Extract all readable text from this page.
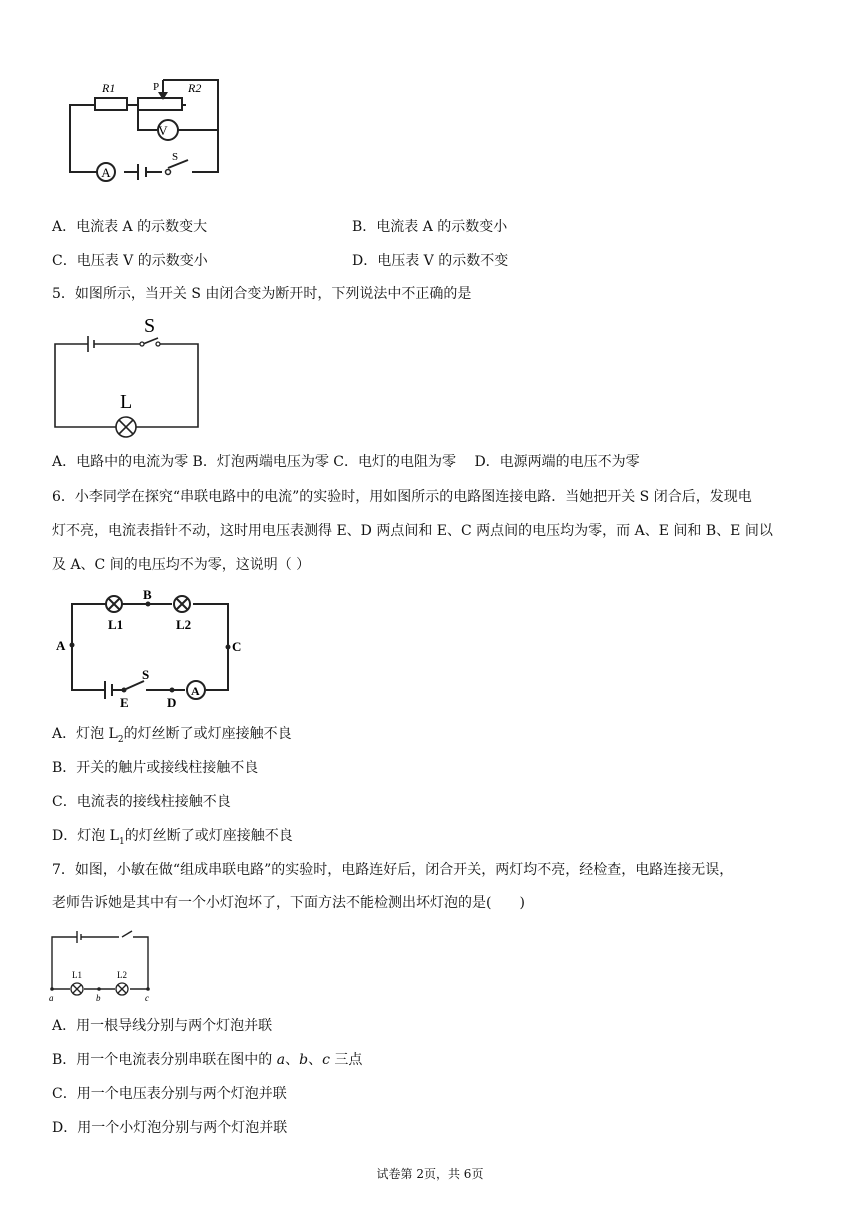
V
A
R1	R2
P
S
A．电流表 A 的示数变大	B．电流表 A 的示数变小
C．电压表 V 的示数变小	D．电压表 V 的示数不变
5．如图所示，当开关 S 由闭合变为断开时，下列说法中不正确的是
S
L
A．电路中的电流为零 B．灯泡两端电压为零 C．电灯的电阻为零　 D．电源两端的电压不为零
6．小李同学在探究“串联电路中的电流”的实验时，用如图所示的电路图连接电路．当她把开关 S 闭合后，发现电
灯不亮，电流表指针不动，这时用电压表测得 E、D 两点间和 E、C 两点间的电压均为零，而 A、E 间和 B、E 间以
及 A、C 间的电压均不为零，这说明（ ）
B
A	C
E	D
S
L1	L2
A
A．灯泡 $L_2$的灯丝断了或灯座接触不良
B．开关的触片或接线柱接触不良
C．电流表的接线柱接触不良
D．灯泡 $L_1$的灯丝断了或灯座接触不良
7．如图，小敏在做“组成串联电路”的实验时，电路连好后，闭合开关，两灯均不亮，经检查，电路连接无误，
老师告诉她是其中有一个小灯泡坏了，下面方法不能检测出坏灯泡的是(　　)
L1	L2
a	b	c
A．用一根导线分别与两个灯泡并联
B．用一个电流表分别串联在图中的 a、b、c 三点
C．用一个电压表分别与两个灯泡并联
D．用一个小灯泡分别与两个灯泡并联
试卷第 2页，共 6页
